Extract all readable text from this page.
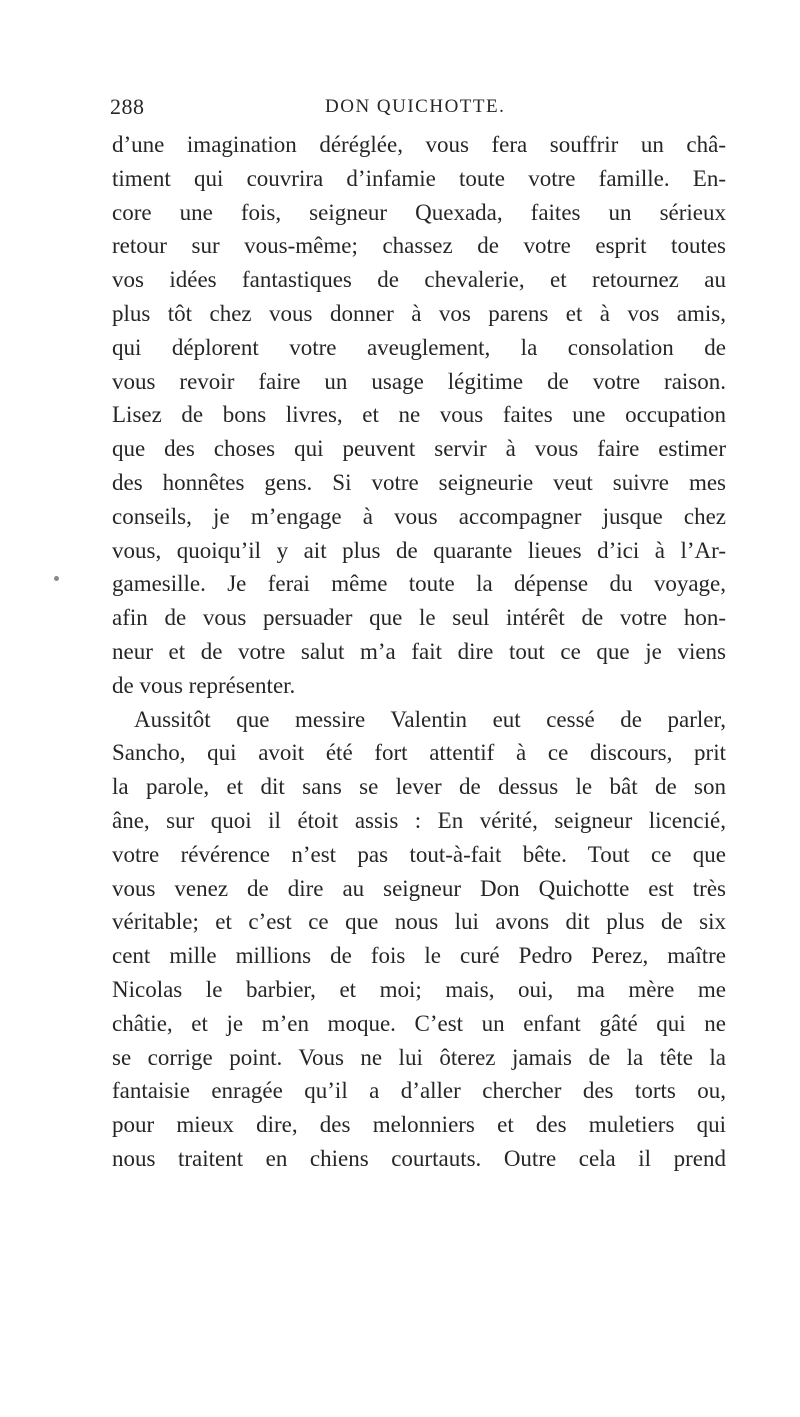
288	DON QUICHOTTE.
d’une imagination déréglée, vous fera souffrir un châ-
timent qui couvrira d’infamie toute votre famille. En-
core une fois, seigneur Quexada, faites un sérieux
retour sur vous-même; chassez de votre esprit toutes
vos idées fantastiques de chevalerie, et retournez au
plus tôt chez vous donner à vos parens et à vos amis,
qui déplorent votre aveuglement, la consolation de
vous revoir faire un usage légitime de votre raison.
Lisez de bons livres, et ne vous faites une occupation
que des choses qui peuvent servir à vous faire estimer
des honnêtes gens. Si votre seigneurie veut suivre mes
conseils, je m’engage à vous accompagner jusque chez
vous, quoiqu’il y ait plus de quarante lieues d’ici à l’Ar-
gamesille. Je ferai même toute la dépense du voyage,
afin de vous persuader que le seul intérêt de votre hon-
neur et de votre salut m’a fait dire tout ce que je viens
de vous représenter.
Aussitôt que messire Valentin eut cessé de parler,
Sancho, qui avoit été fort attentif à ce discours, prit
la parole, et dit sans se lever de dessus le bât de son
âne, sur quoi il étoit assis : En vérité, seigneur licencié,
votre révérence n’est pas tout-à-fait bête. Tout ce que
vous venez de dire au seigneur Don Quichotte est très
véritable; et c’est ce que nous lui avons dit plus de six
cent mille millions de fois le curé Pedro Perez, maître
Nicolas le barbier, et moi; mais, oui, ma mère me
châtie, et je m’en moque. C’est un enfant gâté qui ne
se corrige point. Vous ne lui ôterez jamais de la tête la
fantaisie enragée qu’il a d’aller chercher des torts ou,
pour mieux dire, des melonniers et des muletiers qui
nous traitent en chiens courtauts. Outre cela il prend
